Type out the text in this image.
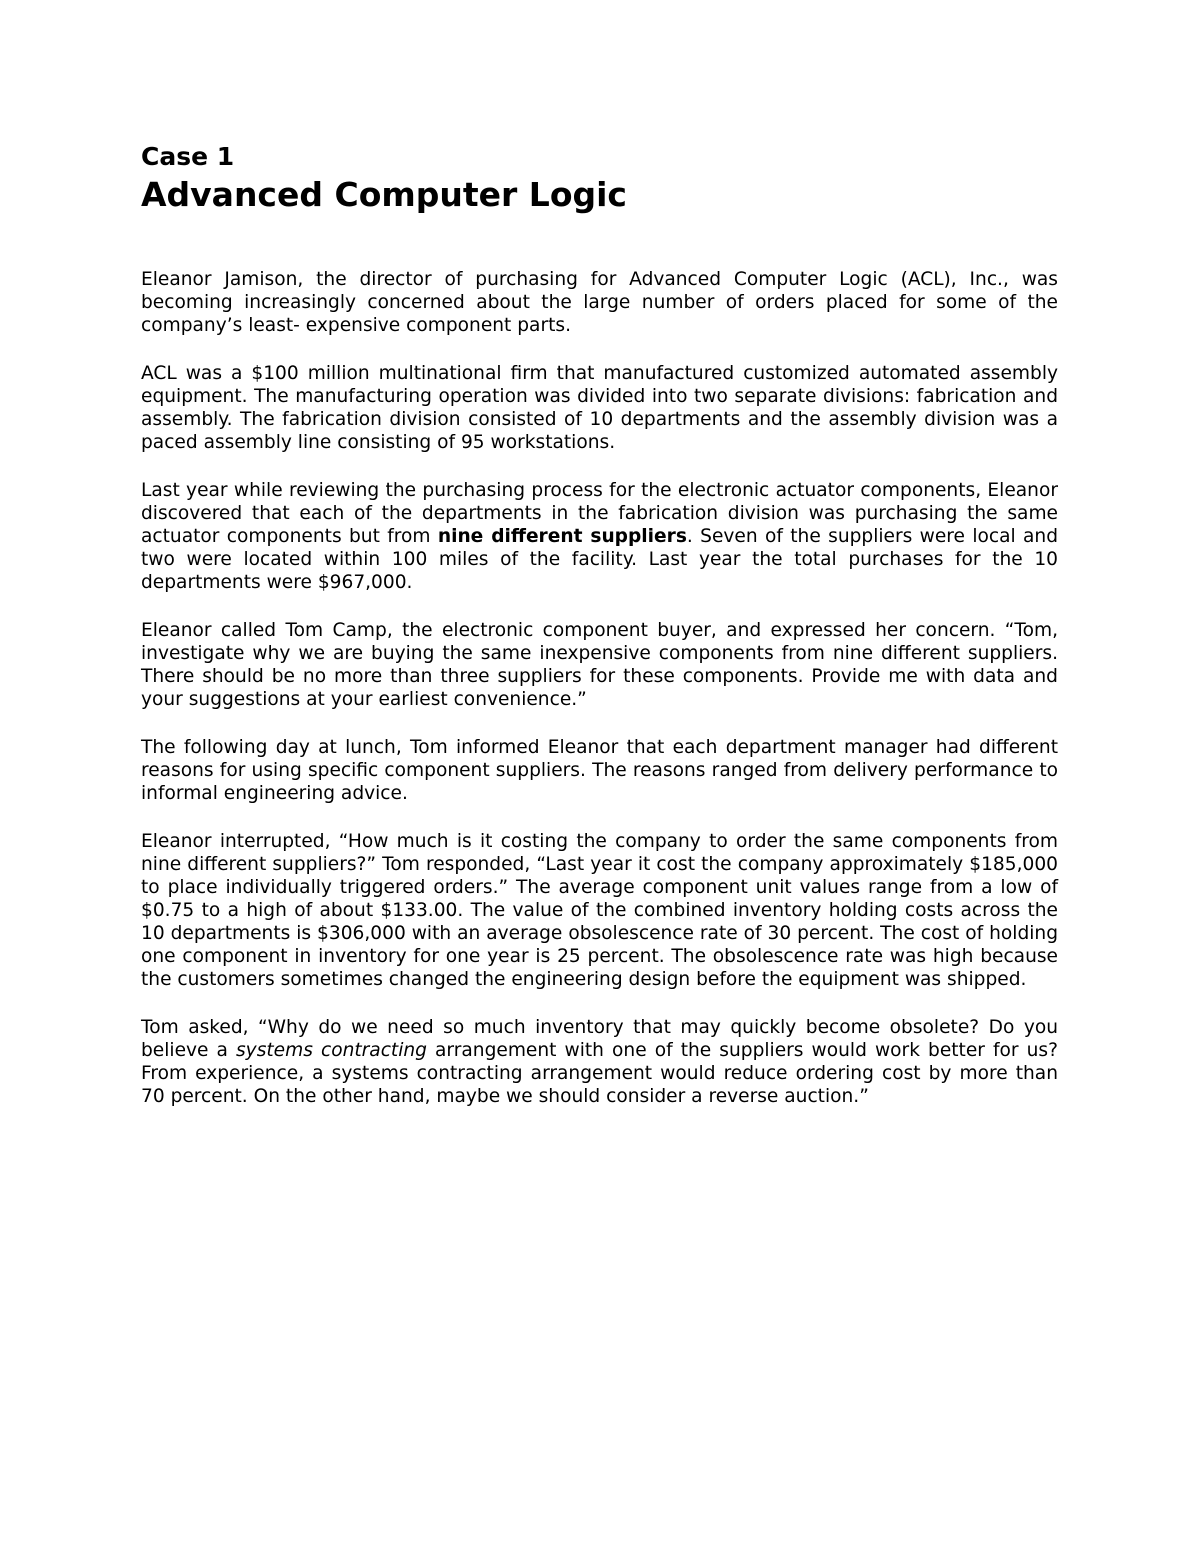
Case 1
Advanced Computer Logic

Eleanor Jamison, the director of purchasing for Advanced Computer Logic (ACL), Inc., was becoming increasingly concerned about the large number of orders placed for some of the company’s least- expensive component parts.

ACL was a $100 million multinational firm that manufactured customized automated assembly equipment. The manufacturing operation was divided into two separate divisions: fabrication and assembly. The fabrication division consisted of 10 departments and the assembly division was a paced assembly line consisting of 95 workstations.

Last year while reviewing the purchasing process for the electronic actuator components, Eleanor discovered that each of the departments in the fabrication division was purchasing the same actuator components but from nine different suppliers. Seven of the suppliers were local and two were located within 100 miles of the facility. Last year the total purchases for the 10 departments were $967,000.

Eleanor called Tom Camp, the electronic component buyer, and expressed her concern. “Tom, investigate why we are buying the same inexpensive components from nine different suppliers. There should be no more than three suppliers for these components. Provide me with data and your suggestions at your earliest convenience.”

The following day at lunch, Tom informed Eleanor that each department manager had different reasons for using specific component suppliers. The reasons ranged from delivery performance to informal engineering advice.

Eleanor interrupted, “How much is it costing the company to order the same components from nine different suppliers?” Tom responded, “Last year it cost the company approximately $185,000 to place individually triggered orders.” The average component unit values range from a low of $0.75 to a high of about $133.00. The value of the combined inventory holding costs across the 10 departments is $306,000 with an average obsolescence rate of 30 percent. The cost of holding one component in inventory for one year is 25 percent. The obsolescence rate was high because the customers sometimes changed the engineering design before the equipment was shipped.

Tom asked, “Why do we need so much inventory that may quickly become obsolete? Do you believe a systems contracting arrangement with one of the suppliers would work better for us? From experience, a systems contracting arrangement would reduce ordering cost by more than 70 percent. On the other hand, maybe we should consider a reverse auction.”
